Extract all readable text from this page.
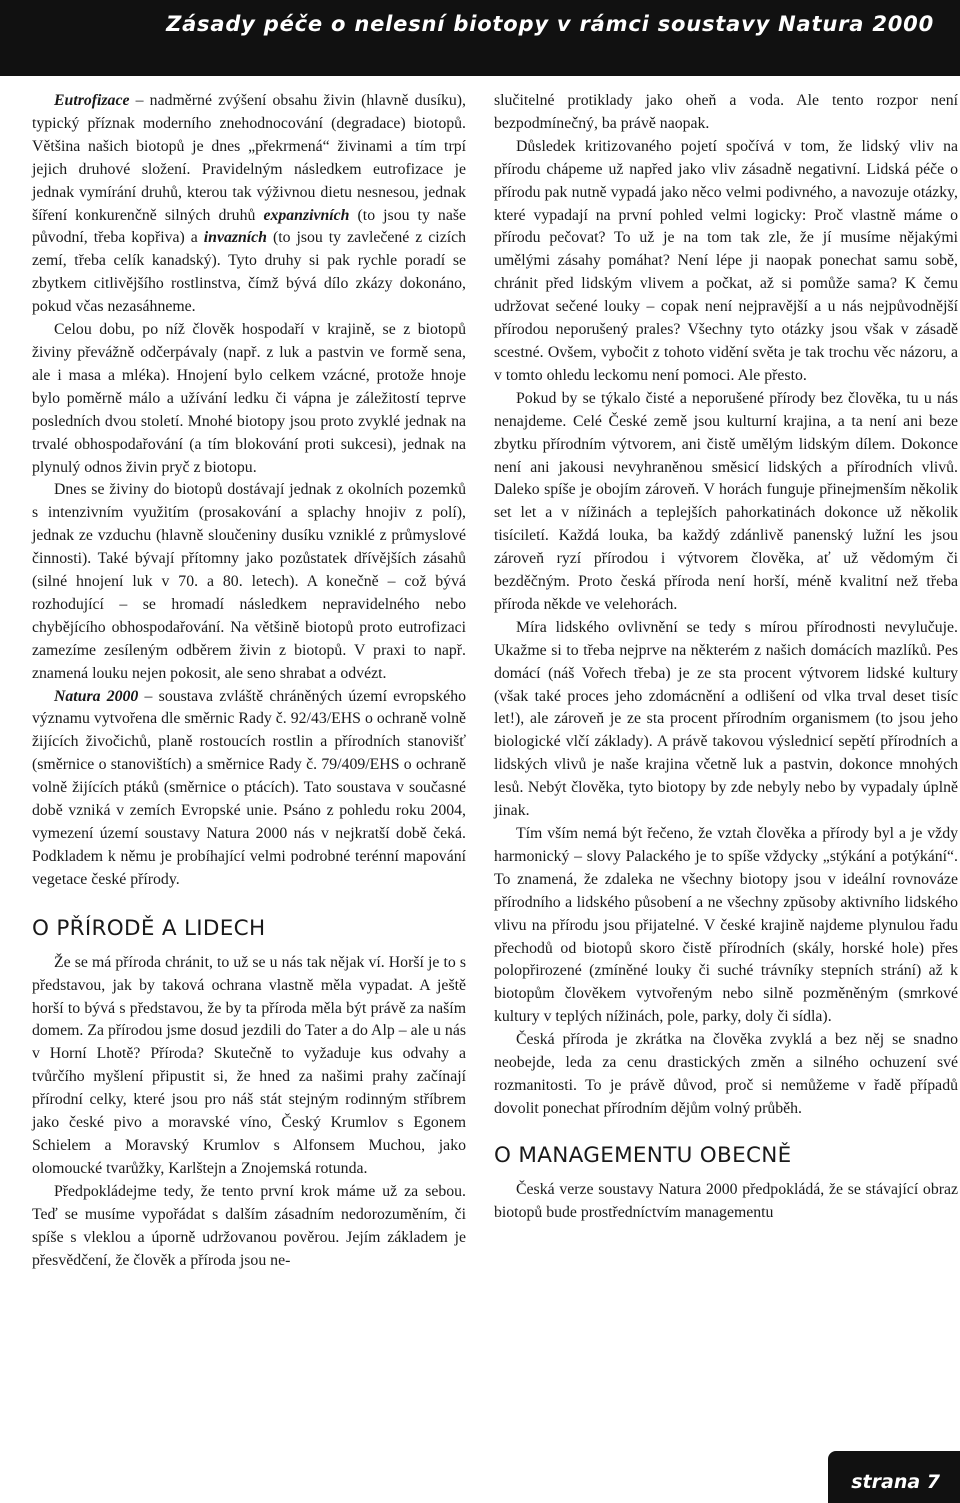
Zásady péče o nelesní biotopy v rámci soustavy Natura 2000

Eutrofizace – nadměrné zvýšení obsahu živin (hlavně dusíku), typický příznak moderního znehodnocování (degradace) biotopů. Většina našich biotopů je dnes „překrmená“ živinami a tím trpí jejich druhové složení. Pravidelným následkem eutrofizace je jednak vymírání druhů, kterou tak výživnou dietu nesnesou, jednak šíření konkurenčně silných druhů expanzivních (to jsou ty naše původní, třeba kopřiva) a invazních (to jsou ty zavlečené z cizích zemí, třeba celík kanadský). Tyto druhy si pak rychle poradí se zbytkem citlivějšího rostlinstva, čímž bývá dílo zkázy dokonáno, pokud včas nezasáhneme.

Celou dobu, po níž člověk hospodaří v krajině, se z biotopů živiny převážně odčerpávaly (např. z luk a pastvin ve formě sena, ale i masa a mléka). Hnojení bylo celkem vzácné, protože hnoje bylo poměrně málo a užívání ledku či vápna je záležitostí teprve posledních dvou století. Mnohé biotopy jsou proto zvyklé jednak na trvalé obhospodařování (a tím blokování proti sukcesi), jednak na plynulý odnos živin pryč z biotopu.

Dnes se živiny do biotopů dostávají jednak z okolních pozemků s intenzivním využitím (prosakování a splachy hnojiv z polí), jednak ze vzduchu (hlavně sloučeniny dusíku vzniklé z průmyslové činnosti). Také bývají přítomny jako pozůstatek dřívějších zásahů (silné hnojení luk v 70. a 80. letech). A konečně – což bývá rozhodující – se hromadí následkem nepravidelného nebo chybějícího obhospodařování. Na většině biotopů proto eutrofizaci zamezíme zesíleným odběrem živin z biotopů. V praxi to např. znamená louku nejen pokosit, ale seno shrabat a odvézt.

Natura 2000 – soustava zvláště chráněných území evropského významu vytvořena dle směrnic Rady č. 92/43/EHS o ochraně volně žijících živočichů, planě rostoucích rostlin a přírodních stanovišť (směrnice o stanovištích) a směrnice Rady č. 79/409/EHS o ochraně volně žijících ptáků (směrnice o ptácích). Tato soustava v současné době vzniká v zemích Evropské unie. Psáno z pohledu roku 2004, vymezení území soustavy Natura 2000 nás v nejkratší době čeká. Podkladem k němu je probíhající velmi podrobné terénní mapování vegetace české přírody.

O PŘÍRODĚ A LIDECH

Že se má příroda chránit, to už se u nás tak nějak ví. Horší je to s představou, jak by taková ochrana vlastně měla vypadat. A ještě horší to bývá s představou, že by ta příroda měla být právě za naším domem. Za přírodou jsme dosud jezdili do Tater a do Alp – ale u nás v Horní Lhotě? Příroda? Skutečně to vyžaduje kus odvahy a tvůrčího myšlení připustit si, že hned za našimi prahy začínají přírodní celky, které jsou pro náš stát stejným rodinným stříbrem jako české pivo a moravské víno, Český Krumlov s Egonem Schielem a Moravský Krumlov s Alfonsem Muchou, jako olomoucké tvarůžky, Karlštejn a Znojemská rotunda.

Předpokládejme tedy, že tento první krok máme už za sebou. Teď se musíme vypořádat s dalším zásadním nedorozuměním, či spíše s vleklou a úporně udržovanou pověrou. Jejím základem je přesvědčení, že člověk a příroda jsou ne-

slučitelné protiklady jako oheň a voda. Ale tento rozpor není bezpodmínečný, ba právě naopak.

Důsledek kritizovaného pojetí spočívá v tom, že lidský vliv na přírodu chápeme už napřed jako vliv zásadně negativní. Lidská péče o přírodu pak nutně vypadá jako něco velmi podivného, a navozuje otázky, které vypadají na první pohled velmi logicky: Proč vlastně máme o přírodu pečovat? To už je na tom tak zle, že jí musíme nějakými umělými zásahy pomáhat? Není lépe ji naopak ponechat samu sobě, chránit před lidským vlivem a počkat, až si pomůže sama? K čemu udržovat sečené louky – copak není nejpravější a u nás nejpůvodnější přírodou neporušený prales? Všechny tyto otázky jsou však v zásadě scestné. Ovšem, vybočit z tohoto vidění světa je tak trochu věc názoru, a v tomto ohledu leckomu není pomoci. Ale přesto.

Pokud by se týkalo čisté a neporušené přírody bez člověka, tu u nás nenajdeme. Celé České země jsou kulturní krajina, a ta není ani beze zbytku přírodním výtvorem, ani čistě umělým lidským dílem. Dokonce není ani jakousi nevyhraněnou směsicí lidských a přírodních vlivů. Daleko spíše je obojím zároveň. V horách funguje přinejmenším několik set let a v nížinách a teplejších pahorkatinách dokonce už několik tisíciletí. Každá louka, ba každý zdánlivě panenský lužní les jsou zároveň ryzí přírodou i výtvorem člověka, ať už vědomým či bezděčným. Proto česká příroda není horší, méně kvalitní než třeba příroda někde ve velehorách.

Míra lidského ovlivnění se tedy s mírou přírodnosti nevylučuje. Ukažme si to třeba nejprve na některém z našich domácích mazlíků. Pes domácí (náš Vořech třeba) je ze sta procent výtvorem lidské kultury (však také proces jeho zdomácnění a odlišení od vlka trval deset tisíc let!), ale zároveň je ze sta procent přírodním organismem (to jsou jeho biologické vlčí základy). A právě takovou výslednicí sepětí přírodních a lidských vlivů je naše krajina včetně luk a pastvin, dokonce mnohých lesů. Nebýt člověka, tyto biotopy by zde nebyly nebo by vypadaly úplně jinak.

Tím vším nemá být řečeno, že vztah člověka a přírody byl a je vždy harmonický – slovy Palackého je to spíše vždycky „stýkání a potýkání“. To znamená, že zdaleka ne všechny biotopy jsou v ideální rovnováze přírodního a lidského působení a ne všechny zpŭsoby aktivního lidského vlivu na přírodu jsou přijatelné. V české krajině najdeme plynulou řadu přechodů od biotopů skoro čistě přírodních (skály, horské hole) přes polopřirozené (zmíněné louky či suché trávníky stepních strání) až k biotopům člověkem vytvořeným nebo silně pozměněným (smrkové kultury v teplých nížinách, pole, parky, doly či sídla).

Česká příroda je zkrátka na člověka zvyklá a bez něj se snadno neobejde, leda za cenu drastických změn a silného ochuzení své rozmanitosti. To je právě důvod, proč si nemůžeme v řadě případů dovolit ponechat přírodním dějům volný průběh.

O MANAGEMENTU OBECNĚ

Česká verze soustavy Natura 2000 předpokládá, že se stávající obraz biotopů bude prostředníctvím managementu

strana 7
